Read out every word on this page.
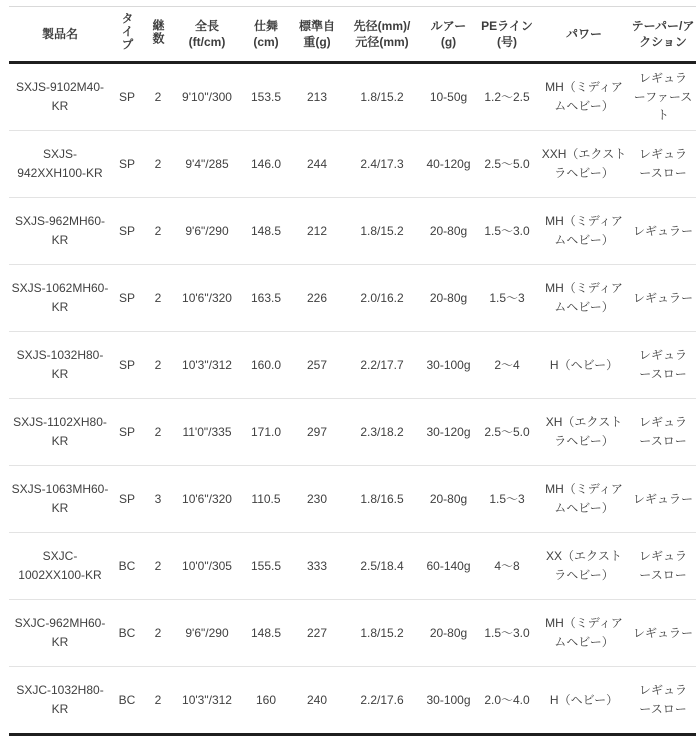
製品名	タイプ	継数	全長
(ft/cm)	仕舞
(cm)	標準自
重(g)	先径(mm)/
元径(mm)	ルアー
(g)	PEライン
(号)	パワー	テーパー/ア
クション

SXJS-9102M40-KR	SP	2	9'10"/300	153.5	213	1.8/15.2	10-50g	1.2～2.5	MH（ミディアムヘビー）	レギュラーファースト
SXJS-942XXH100-KR	SP	2	9'4"/285	146.0	244	2.4/17.3	40-120g	2.5～5.0	XXH（エクストラヘビー）	レギュラースロー
SXJS-962MH60-KR	SP	2	9'6"/290	148.5	212	1.8/15.2	20-80g	1.5～3.0	MH（ミディアムヘビー）	レギュラー
SXJS-1062MH60-KR	SP	2	10'6"/320	163.5	226	2.0/16.2	20-80g	1.5～3	MH（ミディアムヘビー）	レギュラー
SXJS-1032H80-KR	SP	2	10'3"/312	160.0	257	2.2/17.7	30-100g	2～4	H（ヘビー）	レギュラースロー
SXJS-1102XH80-KR	SP	2	11'0"/335	171.0	297	2.3/18.2	30-120g	2.5～5.0	XH（エクストラヘビー）	レギュラースロー
SXJS-1063MH60-KR	SP	3	10'6"/320	110.5	230	1.8/16.5	20-80g	1.5～3	MH（ミディアムヘビー）	レギュラー
SXJC-1002XX100-KR	BC	2	10'0"/305	155.5	333	2.5/18.4	60-140g	4～8	XX（エクストラヘビー）	レギュラースロー
SXJC-962MH60-KR	BC	2	9'6"/290	148.5	227	1.8/15.2	20-80g	1.5～3.0	MH（ミディアムヘビー）	レギュラー
SXJC-1032H80-KR	BC	2	10'3"/312	160	240	2.2/17.6	30-100g	2.0～4.0	H（ヘビー）	レギュラースロー
